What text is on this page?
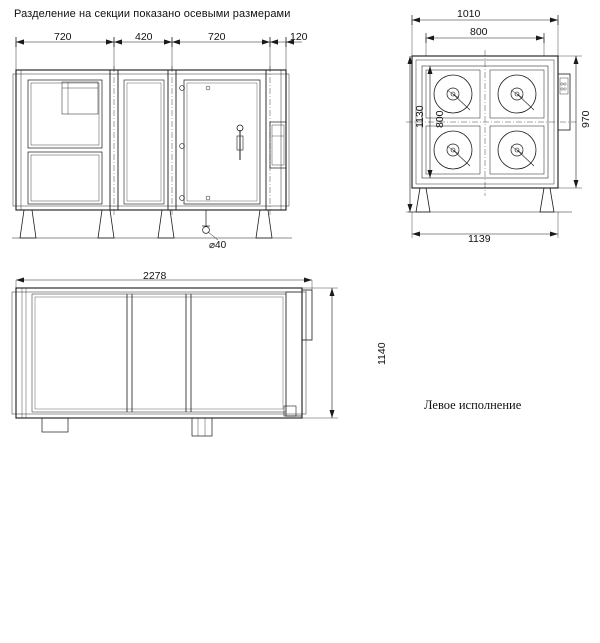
Разделение на секции показано осевыми размерами
720	420	720	120
⌀40
1010
800
1130 800	970
1139
2278
1140
Левое исполнение
